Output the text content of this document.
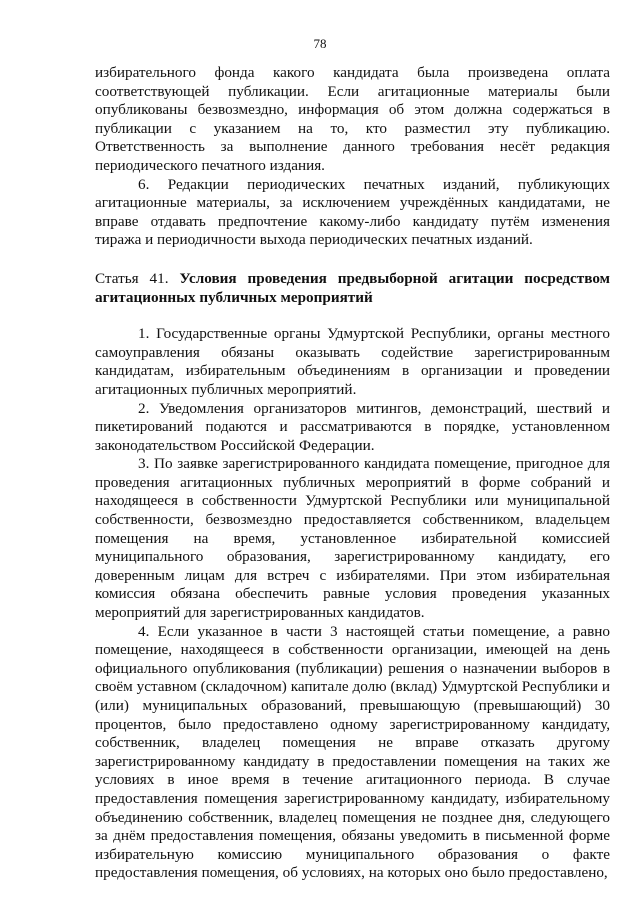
78

избирательного фонда какого кандидата была произведена оплата соответствующей публикации. Если агитационные материалы были опубликованы безвозмездно, информация об этом должна содержаться в публикации с указанием на то, кто разместил эту публикацию. Ответственность за выполнение данного требования несёт редакция периодического печатного издания.

6. Редакции периодических печатных изданий, публикующих агитационные материалы, за исключением учреждённых кандидатами, не вправе отдавать предпочтение какому-либо кандидату путём изменения тиража и периодичности выхода периодических печатных изданий.

Статья 41. Условия проведения предвыборной агитации посредством агитационных публичных мероприятий

1. Государственные органы Удмуртской Республики, органы местного самоуправления обязаны оказывать содействие зарегистрированным кандидатам, избирательным объединениям в организации и проведении агитационных публичных мероприятий.

2. Уведомления организаторов митингов, демонстраций, шествий и пикетирований подаются и рассматриваются в порядке, установленном законодательством Российской Федерации.

3. По заявке зарегистрированного кандидата помещение, пригодное для проведения агитационных публичных мероприятий в форме собраний и находящееся в собственности Удмуртской Республики или муниципальной собственности, безвозмездно предоставляется собственником, владельцем помещения на время, установленное избирательной комиссией муниципального образования, зарегистрированному кандидату, его доверенным лицам для встреч с избирателями. При этом избирательная комиссия обязана обеспечить равные условия проведения указанных мероприятий для зарегистрированных кандидатов.

4. Если указанное в части 3 настоящей статьи помещение, а равно помещение, находящееся в собственности организации, имеющей на день официального опубликования (публикации) решения о назначении выборов в своём уставном (складочном) капитале долю (вклад) Удмуртской Республики и (или) муниципальных образований, превышающую (превышающий) 30 процентов, было предоставлено одному зарегистрированному кандидату, собственник, владелец помещения не вправе отказать другому зарегистрированному кандидату в предоставлении помещения на таких же условиях в иное время в течение агитационного периода. В случае предоставления помещения зарегистрированному кандидату, избирательному объединению собственник, владелец помещения не позднее дня, следующего за днём предоставления помещения, обязаны уведомить в письменной форме избирательную комиссию муниципального образования о факте предоставления помещения, об условиях, на которых оно было предоставлено,
